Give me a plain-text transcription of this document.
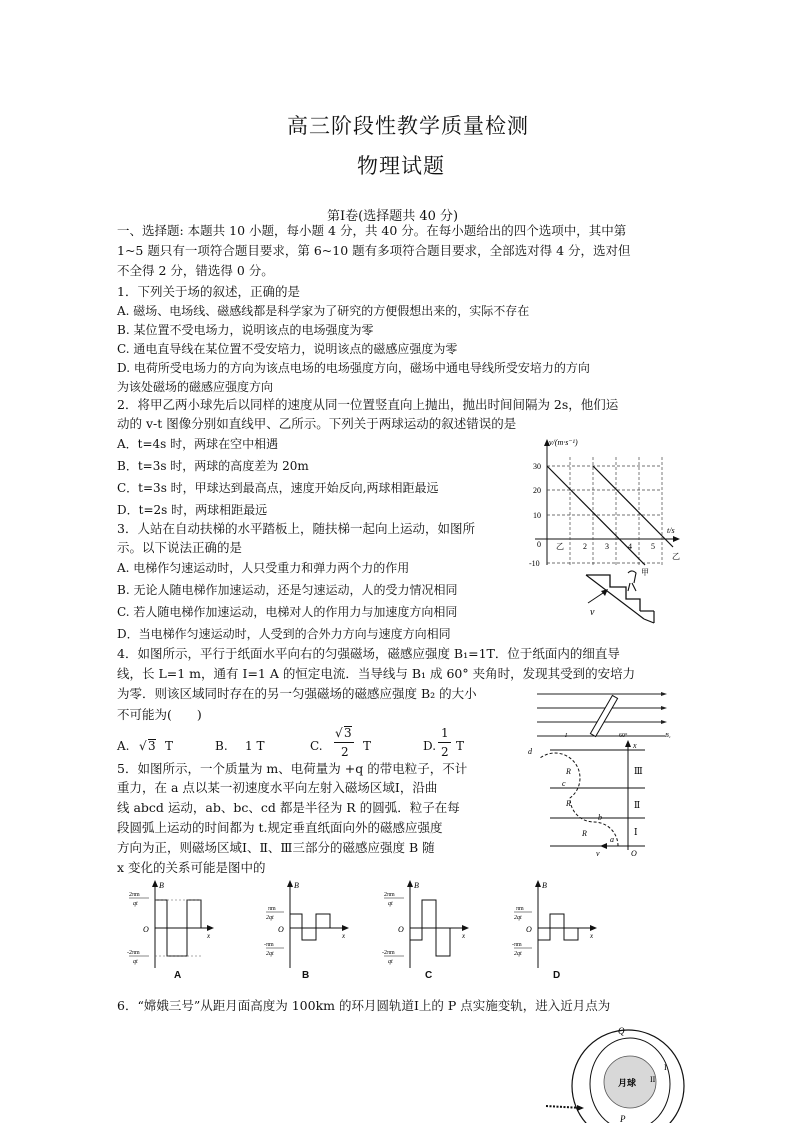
高三阶段性教学质量检测
物理试题
第Ⅰ卷(选择题共 40 分)
一、选择题: 本题共 10 小题，每小题 4 分，共 40 分。在每小题给出的四个选项中，其中第
1~5 题只有一项符合题目要求，第 6~10 题有多项符合题目要求，全部选对得 4 分，选对但
不全得 2 分，错选得 0 分。
1．下列关于场的叙述，正确的是
A. 磁场、电场线、磁感线都是科学家为了研究的方便假想出来的，实际不存在
B. 某位置不受电场力，说明该点的电场强度为零
C. 通电直导线在某位置不受安培力，说明该点的磁感应强度为零
D. 电荷所受电场力的方向为该点电场的电场强度方向，磁场中通电导线所受安培力的方向
为该处磁场的磁感应强度方向
2．将甲乙两小球先后以同样的速度从同一位置竖直向上抛出，抛出时间间隔为 2s，他们运
动的 v-t 图像分别如直线甲、乙所示。下列关于两球运动的叙述错误的是
A．t=4s 时，两球在空中相遇
B．t=3s 时，两球的高度差为 20m
C．t=3s 时，甲球达到最高点，速度开始反向,两球相距最远
D．t=2s 时，两球相距最远
3．人站在自动扶梯的水平踏板上，随扶梯一起向上运动，如图所
示。以下说法正确的是
A. 电梯作匀速运动时，人只受重力和弹力两个力的作用
B. 无论人随电梯作加速运动，还是匀速运动，人的受力情况相同
C. 若人随电梯作加速运动，电梯对人的作用力与加速度方向相同
D．当电梯作匀速运动时，人受到的合外力方向与速度方向相同
4．如图所示，平行于纸面水平向右的匀强磁场，磁感应强度 B₁=1T．位于纸面内的细直导
线，长 L=1 m，通有 I=1 A 的恒定电流．当导线与 B₁ 成 60° 夹角时，发现其受到的安培力
为零．则该区域同时存在的另一匀强磁场的磁感应强度 B₂ 的大小
不可能为(　　)
A. √ 3 T	B. 1 T	C.
√ 3
2 T	D.
1
2 T
5．如图所示，一个质量为 m、电荷量为 +q 的带电粒子，不计
重力，在 a 点以某一初速度水平向左射入磁场区域Ⅰ，沿曲
线 abcd 运动，ab、bc、cd 都是半径为 R 的圆弧．粒子在每
段圆弧上运动的时间都为 t.规定垂直纸面向外的磁感应强度
方向为正，则磁场区域Ⅰ、Ⅱ、Ⅲ三部分的磁感应强度 B 随
x 变化的关系可能是图中的
6．“嫦娥三号”从距月面高度为 100km 的环月圆轨道Ⅰ上的 P 点实施变轨，进入近月点为
v/(m·s⁻¹)
t/s
30
20
10
0
-10
2 3 4 5
乙
甲
乙
v
I	60°	B₁
a
b
c
d
R
R
R	Ⅲ
Ⅱ
Ⅰ
x
O
v
B
x
O
2πm
qt
-2πm
qt
A
B
x
O
πm
2qt
-πm
2qt
B
B
x
O
2πm
qt
-2πm
qt
C
B
x
O
πm
2qt
-πm
2qt
D
月球
Q
P
I
II
